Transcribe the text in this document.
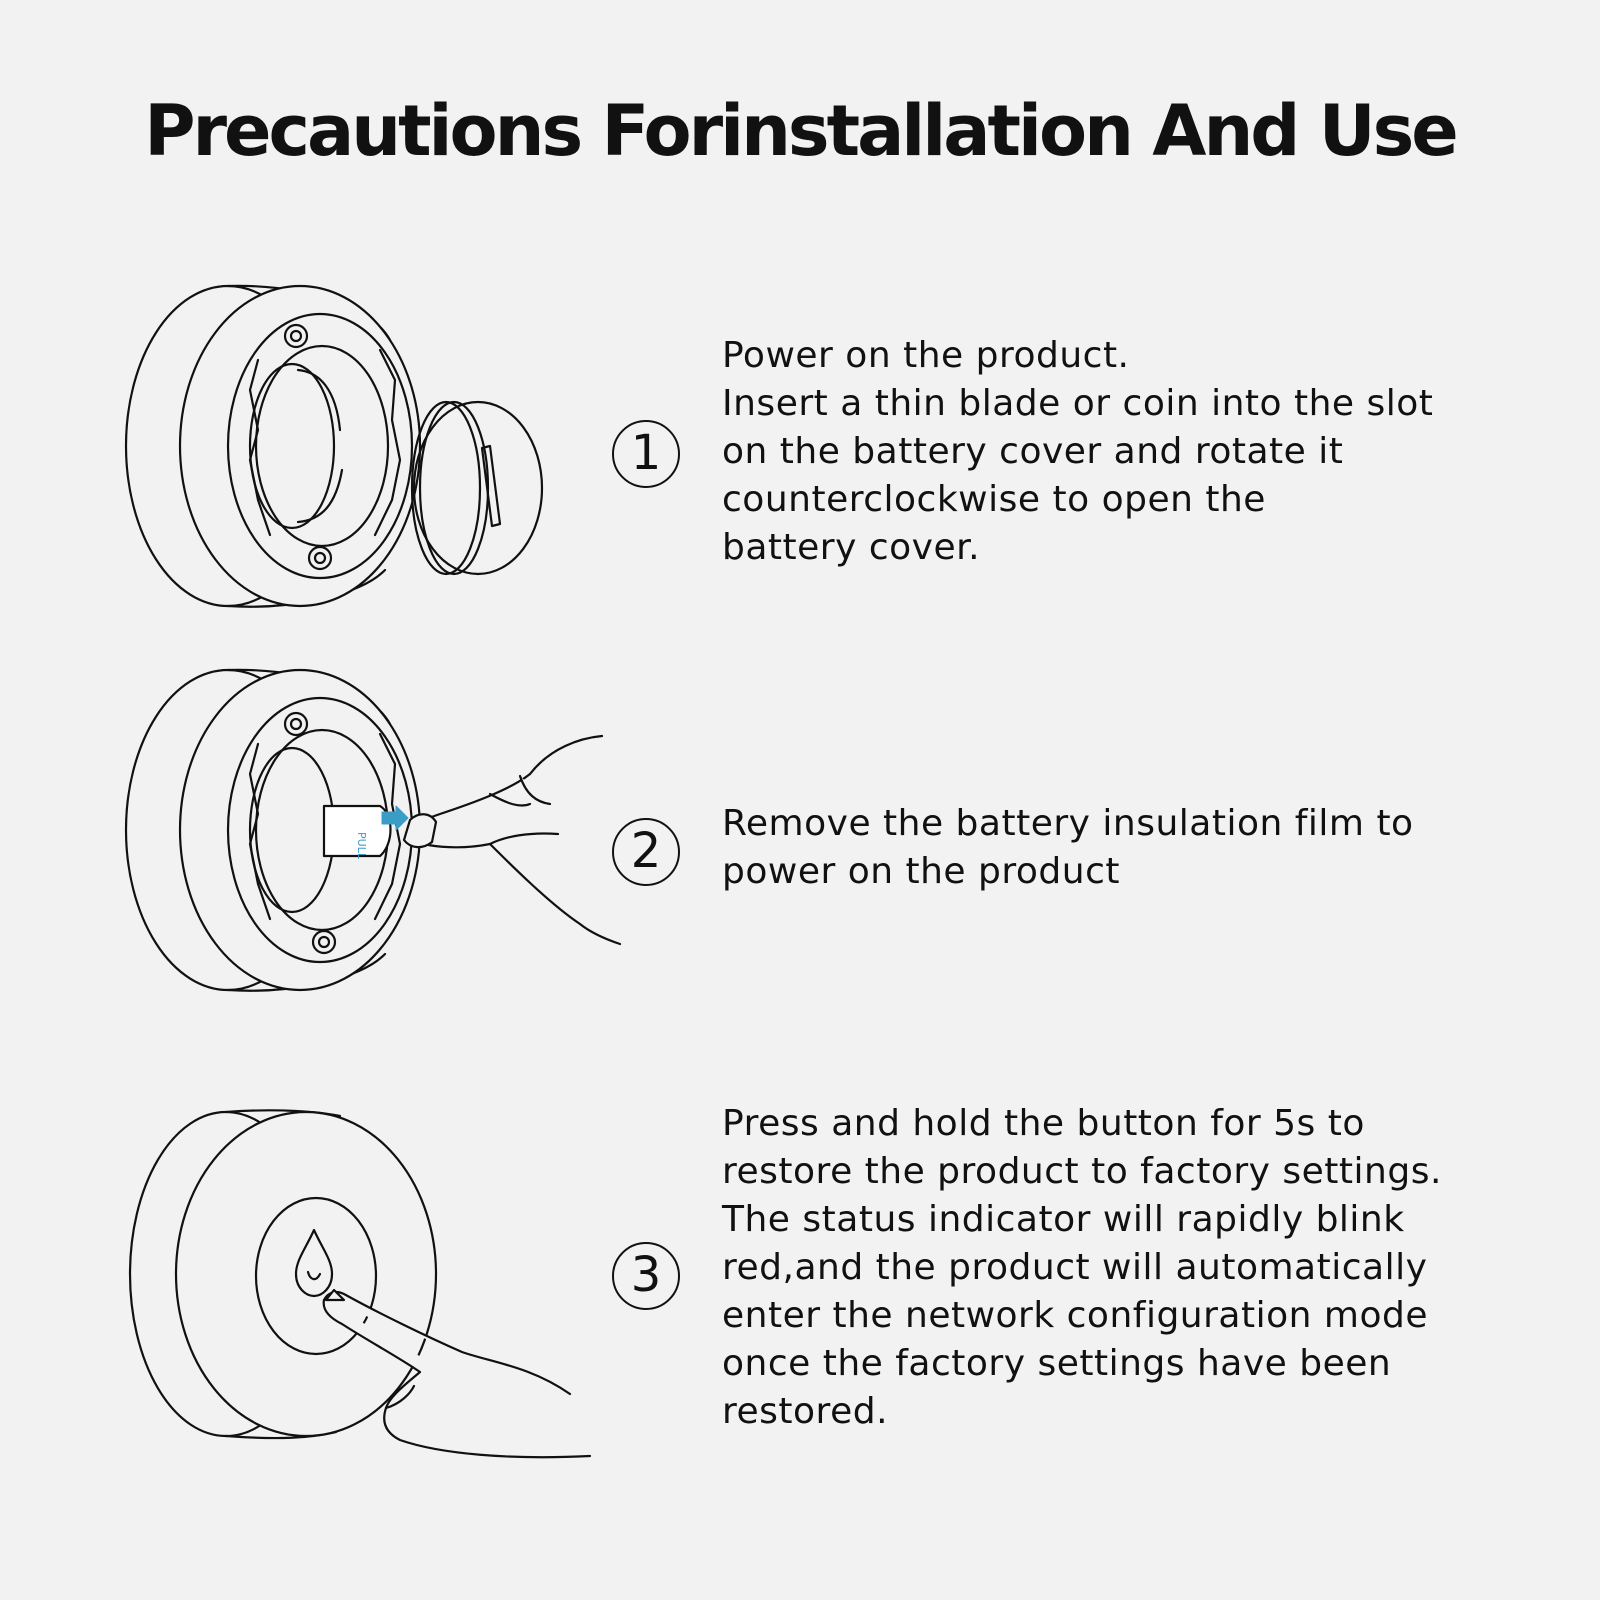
Precautions Forinstallation And Use
1
Power on the product.
Insert a thin blade or coin into the slot
on the battery cover and rotate it
counterclockwise to open the
battery cover.
PULL	2	Remove the battery insulation film to
power on the product
3
Press and hold the button for 5s to
restore the product to factory settings.
The status indicator will rapidly blink
red,and the product will automatically
enter the network configuration mode
once the factory settings have been
restored.
